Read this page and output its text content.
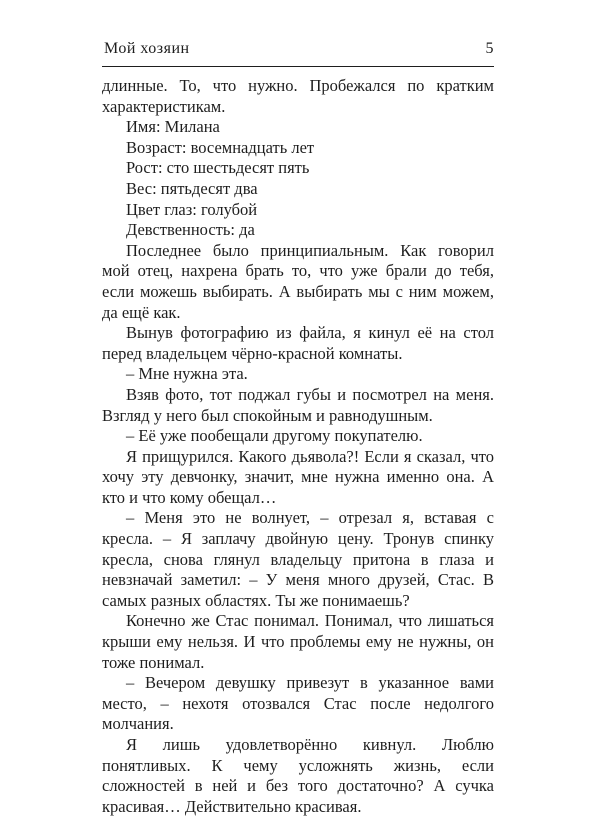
Мой хозяин	5

длинные. То, что нужно. Пробежался по кратким характеристикам.

Имя: Милана

Возраст: восемнадцать лет

Рост: сто шестьдесят пять

Вес: пятьдесят два

Цвет глаз: голубой

Девственность: да

Последнее было принципиальным. Как говорил мой отец, нахрена брать то, что уже брали до тебя, если можешь выбирать. А выбирать мы с ним можем, да ещё как.

Вынув фотографию из файла, я кинул её на стол перед владельцем чёрно-красной комнаты.

– Мне нужна эта.

Взяв фото, тот поджал губы и посмотрел на меня. Взгляд у него был спокойным и равнодушным.

– Её уже пообещали другому покупателю.

Я прищурился. Какого дьявола?! Если я сказал, что хочу эту девчонку, значит, мне нужна именно она. А кто и что кому обещал…

– Меня это не волнует, – отрезал я, вставая с кресла. – Я заплачу двойную цену. Тронув спинку кресла, снова глянул владельцу притона в глаза и невзначай заметил: – У меня много друзей, Стас. В самых разных областях. Ты же понимаешь?

Конечно же Стас понимал. Понимал, что лишаться крыши ему нельзя. И что проблемы ему не нужны, он тоже понимал.

– Вечером девушку привезут в указанное вами место, – нехотя отозвался Стас после недолгого молчания.

Я лишь удовлетворённо кивнул. Люблю понятливых. К чему усложнять жизнь, если сложностей в ней и без того достаточно? А сучка красивая… Действительно красивая.
